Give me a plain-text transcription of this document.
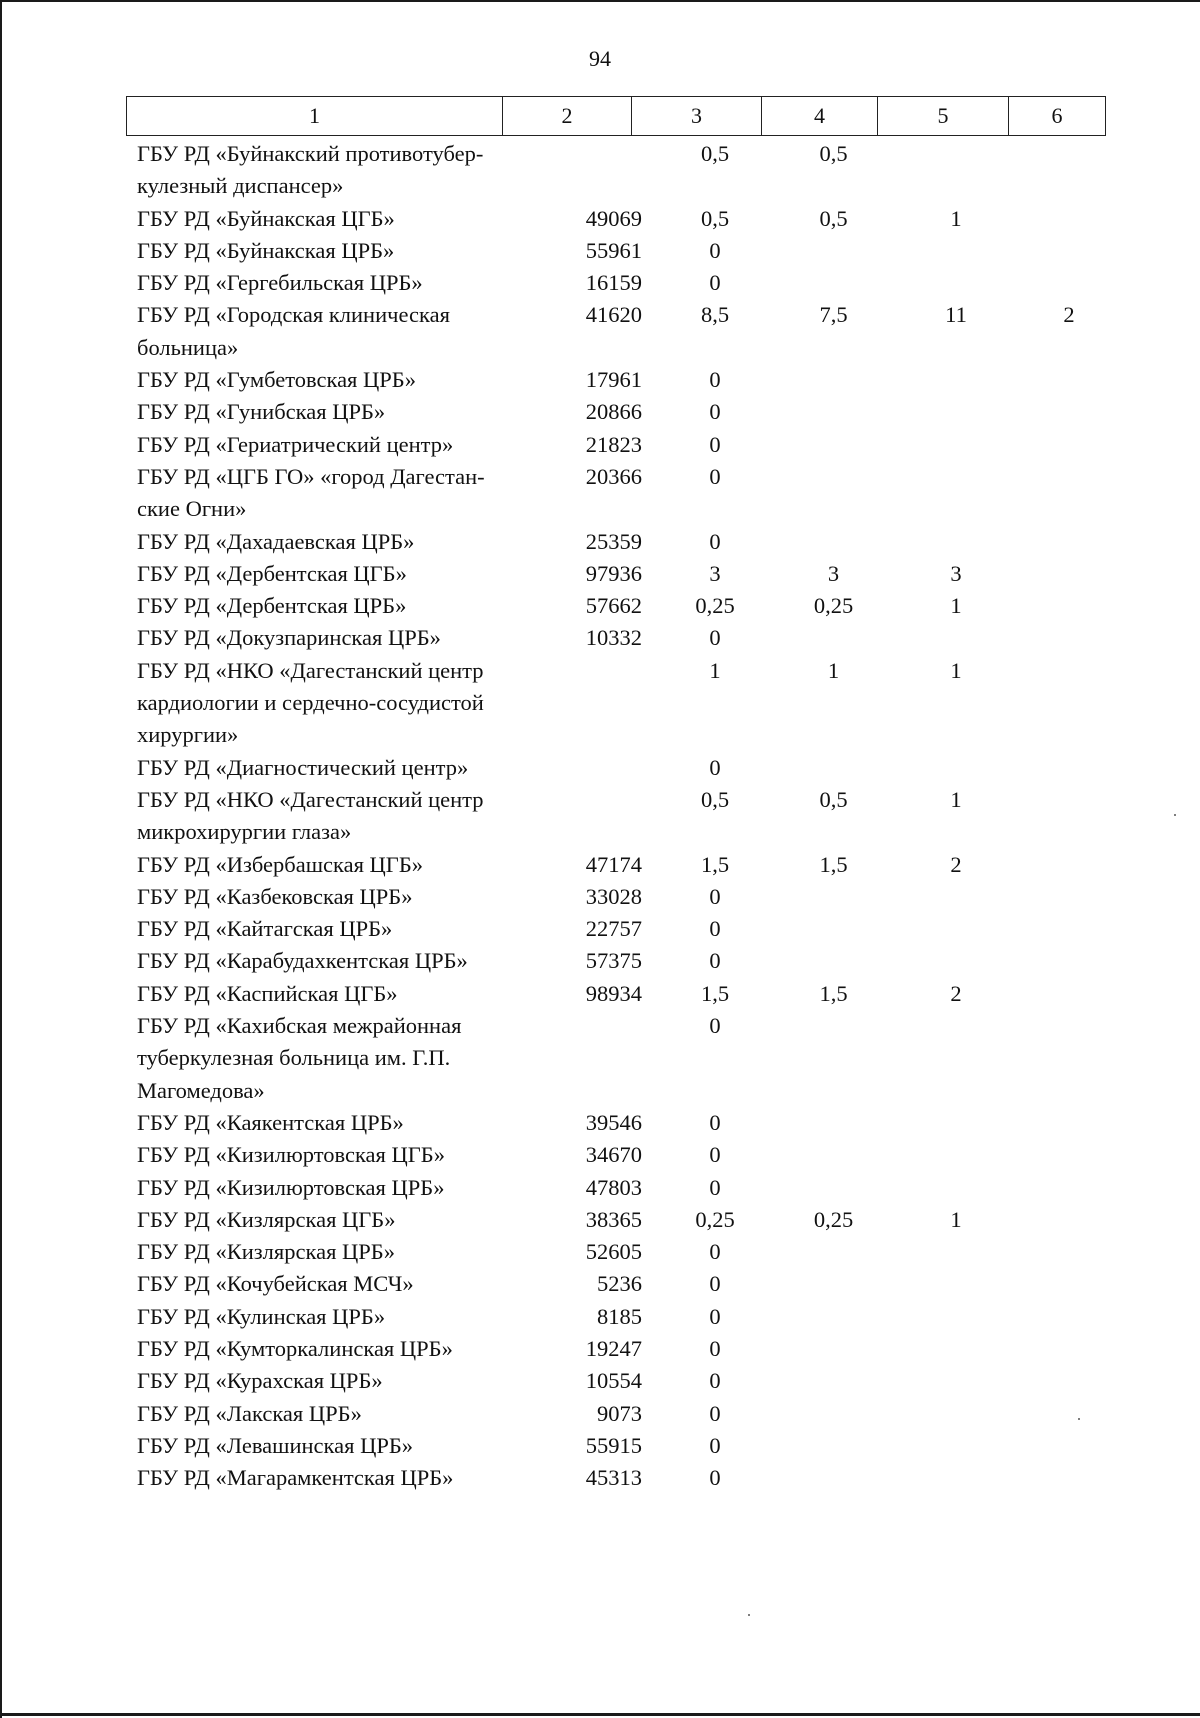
94
1	2	3	4	5	6
ГБУ РД «Буйнакский противотубер-кулезный диспансер»		0,5	0,5		
ГБУ РД «Буйнакская ЦГБ»	49069	0,5	0,5	1	
ГБУ РД «Буйнакская ЦРБ»	55961	0			
ГБУ РД «Гергебильская ЦРБ»	16159	0			
ГБУ РД «Городская клиническая больница»	41620	8,5	7,5	11	2
ГБУ РД «Гумбетовская ЦРБ»	17961	0			
ГБУ РД «Гунибская ЦРБ»	20866	0			
ГБУ РД «Гериатрический центр»	21823	0			
ГБУ РД «ЦГБ ГО» «город Дагестан-ские Огни»	20366	0			
ГБУ РД «Дахадаевская ЦРБ»	25359	0			
ГБУ РД «Дербентская ЦГБ»	97936	3	3	3	
ГБУ РД «Дербентская ЦРБ»	57662	0,25	0,25	1	
ГБУ РД «Докузпаринская ЦРБ»	10332	0			
ГБУ РД «НКО «Дагестанский центр кардиологии и сердечно-сосудистой хирургии»		1	1	1	
ГБУ РД «Диагностический центр»		0			
ГБУ РД «НКО «Дагестанский центр микрохирургии глаза»		0,5	0,5	1	
ГБУ РД «Избербашская ЦГБ»	47174	1,5	1,5	2	
ГБУ РД «Казбековская ЦРБ»	33028	0			
ГБУ РД «Кайтагская ЦРБ»	22757	0			
ГБУ РД «Карабудахкентская ЦРБ»	57375	0			
ГБУ РД «Каспийская ЦГБ»	98934	1,5	1,5	2	
ГБУ РД «Кахибская межрайонная туберкулезная больница им. Г.П. Магомедова»		0			
ГБУ РД «Каякентская ЦРБ»	39546	0			
ГБУ РД «Кизилюртовская ЦГБ»	34670	0			
ГБУ РД «Кизилюртовская ЦРБ»	47803	0			
ГБУ РД «Кизлярская ЦГБ»	38365	0,25	0,25	1	
ГБУ РД «Кизлярская ЦРБ»	52605	0			
ГБУ РД «Кочубейская МСЧ»	5236	0			
ГБУ РД «Кулинская ЦРБ»	8185	0			
ГБУ РД «Кумторкалинская ЦРБ»	19247	0			
ГБУ РД «Курахская ЦРБ»	10554	0			
ГБУ РД «Лакская ЦРБ»	9073	0			
ГБУ РД «Левашинская ЦРБ»	55915	0			
ГБУ РД «Магарамкентская ЦРБ»	45313	0			
